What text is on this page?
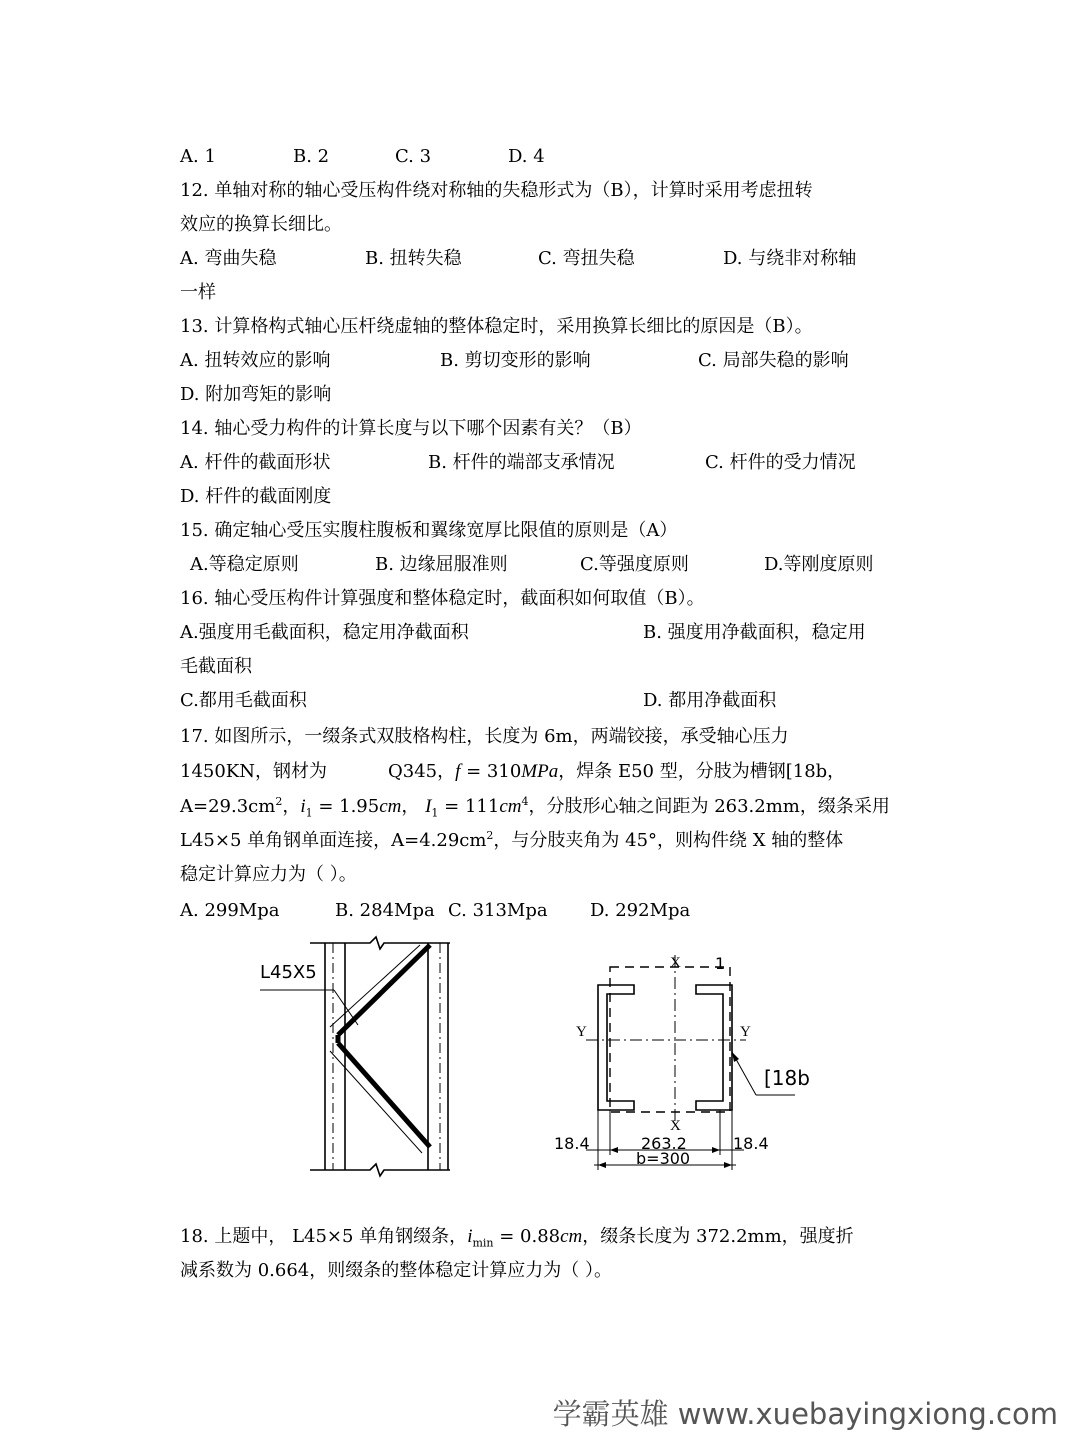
A. 1	B. 2	C. 3	D. 4
12. 单轴对称的轴心受压构件绕对称轴的失稳形式为（B），计算时采用考虑扭转
效应的换算长细比。
A. 弯曲失稳	B. 扭转失稳	C. 弯扭失稳	D. 与绕非对称轴
一样
13. 计算格构式轴心压杆绕虚轴的整体稳定时，采用换算长细比的原因是（B）。
A. 扭转效应的影响	B. 剪切变形的影响	C. 局部失稳的影响
D. 附加弯矩的影响
14. 轴心受力构件的计算长度与以下哪个因素有关？（B）
A. 杆件的截面形状	B. 杆件的端部支承情况	C. 杆件的受力情况
D. 杆件的截面刚度
15. 确定轴心受压实腹柱腹板和翼缘宽厚比限值的原则是（A）
A.等稳定原则	B. 边缘屈服准则	C.等强度原则	D.等刚度原则
16. 轴心受压构件计算强度和整体稳定时，截面积如何取值（B）。
A.强度用毛截面积，稳定用净截面积	B. 强度用净截面积，稳定用
毛截面积
C.都用毛截面积	D. 都用净截面积
17. 如图所示，一缀条式双肢格构柱，长度为 6m，两端铰接，承受轴心压力
1450KN，钢材为	Q345，f = 310MPa，焊条 E50 型，分肢为槽钢[18b，
$A=29.3cm^2$，$i_1 = 1.95cm$， $I_1 = 111cm^4$，分肢形心轴之间距为 263.2mm，缀条采用
L45×5 单角钢单面连接，$A=4.29cm^2$，与分肢夹角为 45°，则构件绕 X 轴的整体
稳定计算应力为（ ）。
A. 299Mpa	B. 284Mpa C. 313Mpa D. 292Mpa
L45X5	X
X
Y	Y
1
[18b
18.4	263.2	18.4
b=300
18. 上题中， L45×5 单角钢缀条，$i_{min} = 0.88cm$，缀条长度为 372.2mm，强度折
减系数为 0.664，则缀条的整体稳定计算应力为（ ）。
学霸英雄 www.xuebayingxiong.com
